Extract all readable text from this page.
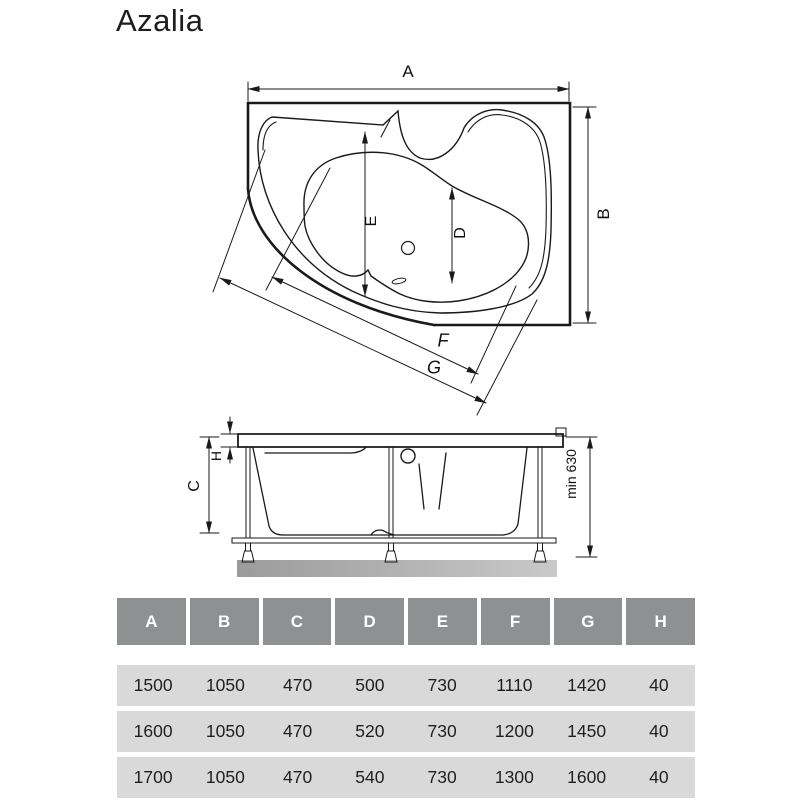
Azalia
A
B
E
D
F
G
C
H	min 630
A	B	C	D	E	F	G	H
1500	1050	470	500	730	1110	1420	40
1600	1050	470	520	730	1200	1450	40
1700	1050	470	540	730	1300	1600	40
